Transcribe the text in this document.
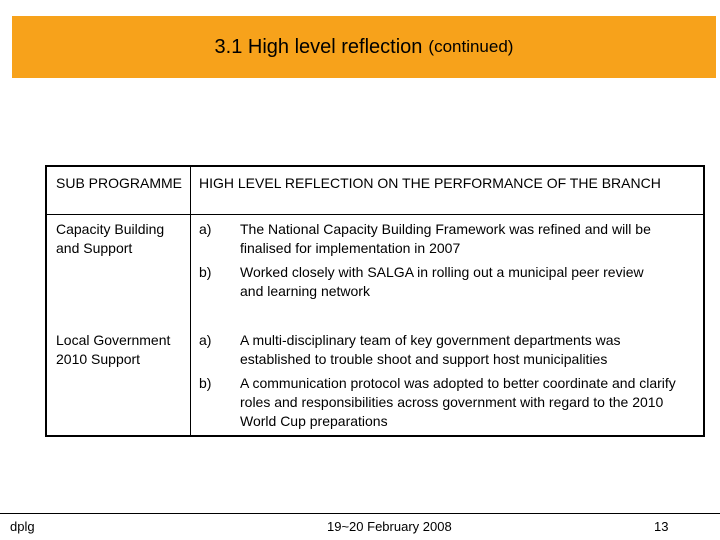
3.1 High level reflection (continued)
SUB PROGRAMME HIGH LEVEL REFLECTION ON THE PERFORMANCE OF THE BRANCH
Capacity Building and Support
a) The National Capacity Building Framework was refined and will be finalised for implementation in 2007
b) Worked closely with SALGA in rolling out a municipal peer review and learning network
Local Government 2010 Support
a) A multi-disciplinary team of key government departments was established to trouble shoot and support host municipalities
b) A communication protocol was adopted to better coordinate and clarify roles and responsibilities across government with regard to the 2010 World Cup preparations
dplg	19~20 February 2008	13
